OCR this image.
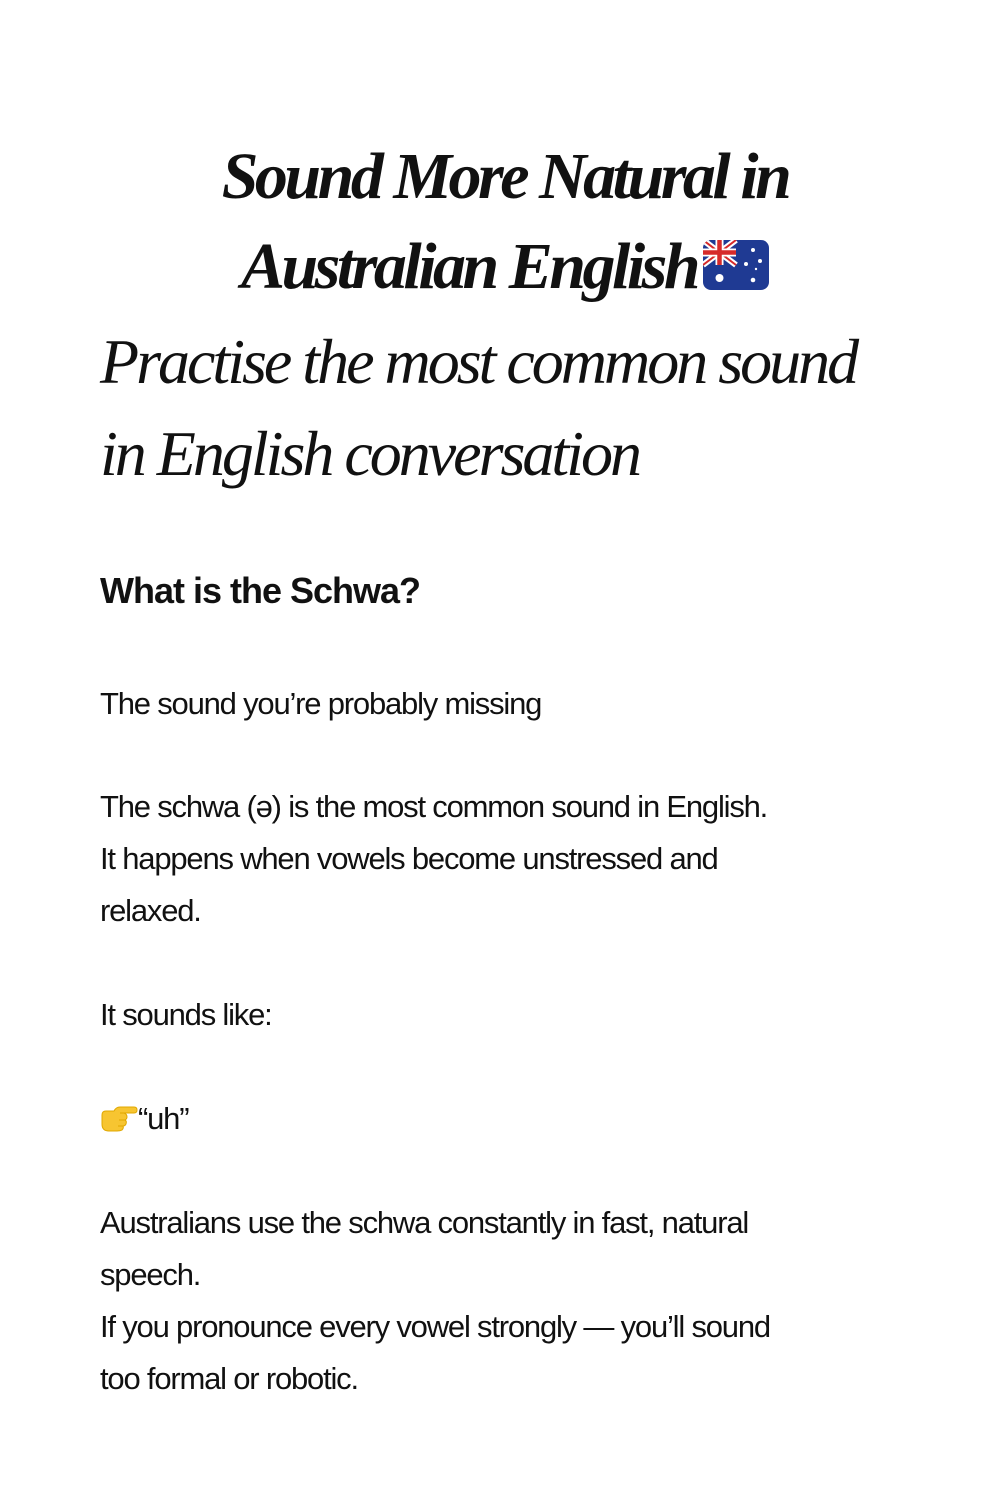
Sound More Natural in
Australian English
Practise the most common sound
in English conversation
What is the Schwa?

The sound you’re probably missing

The schwa (ə) is the most common sound in English.
It happens when vowels become unstressed and
relaxed.

It sounds like:

“uh”

Australians use the schwa constantly in fast, natural
speech.
If you pronounce every vowel strongly — you’ll sound
too formal or robotic.
